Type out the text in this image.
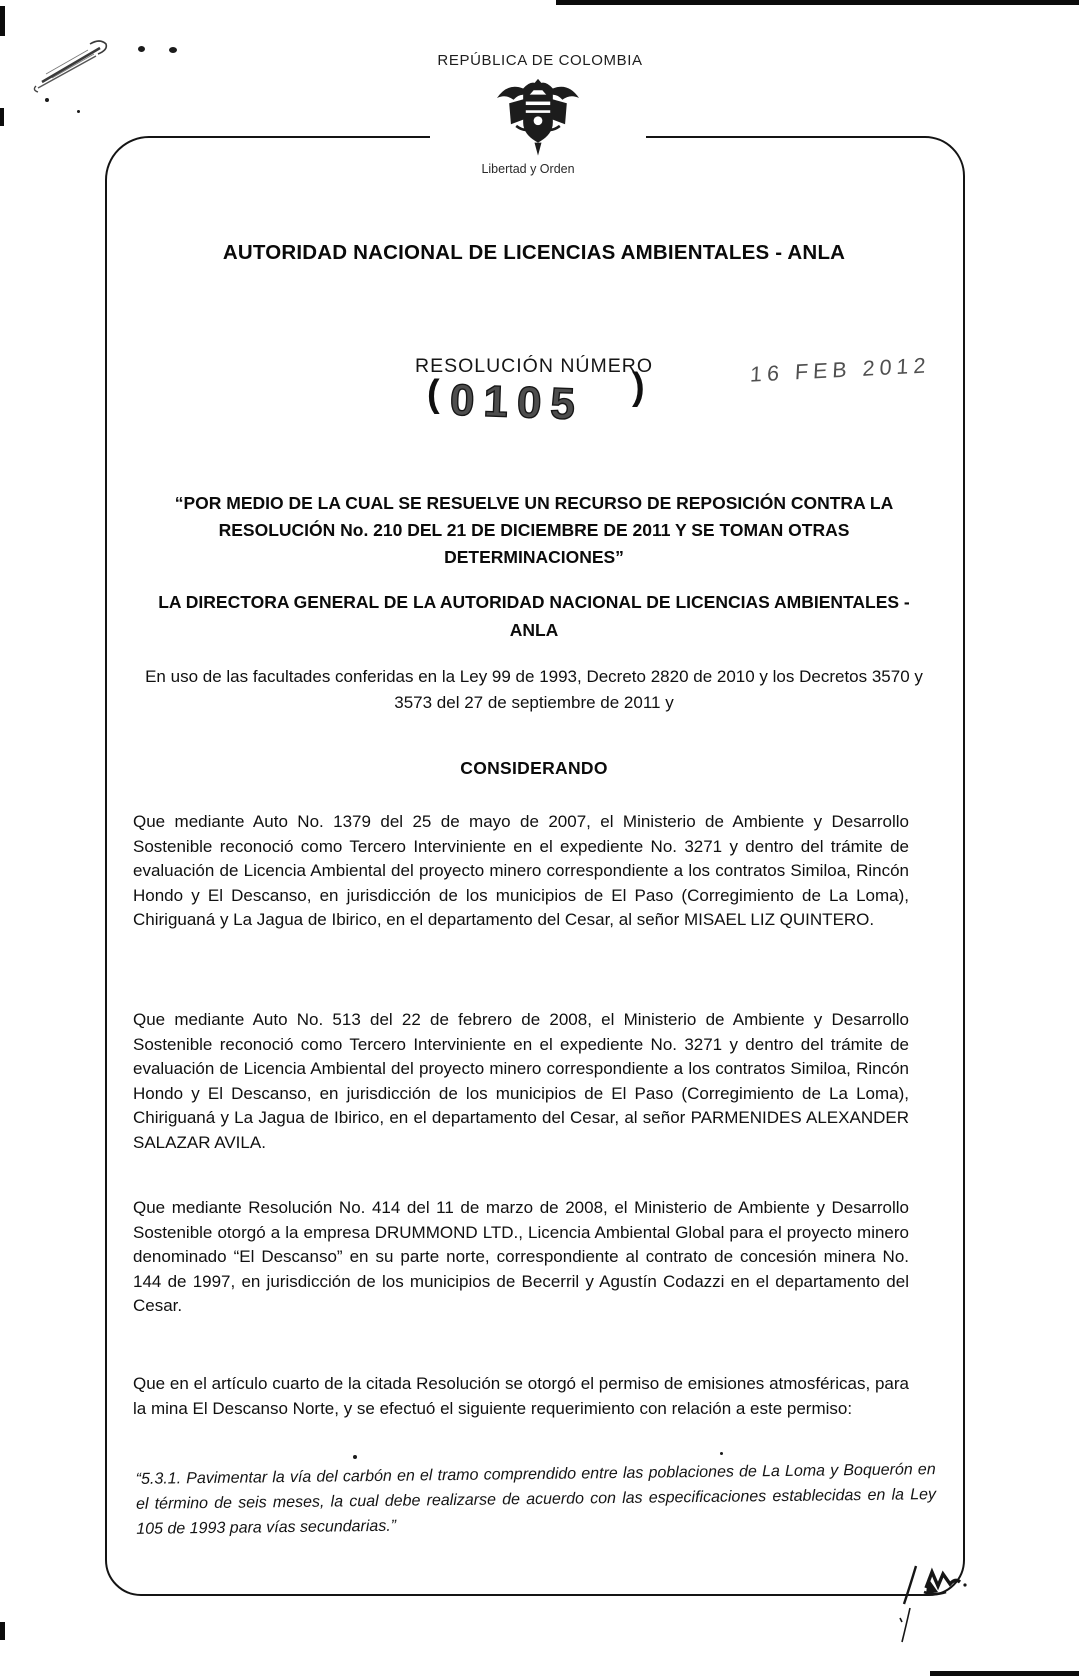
REPÚBLICA DE COLOMBIA
Libertad y Orden
AUTORIDAD NACIONAL DE LICENCIAS AMBIENTALES - ANLA
RESOLUCIÓN NÚMERO
( 0105 )	16 FEB 2012
“POR MEDIO DE LA CUAL SE RESUELVE UN RECURSO DE REPOSICIÓN CONTRA LA RESOLUCIÓN No. 210 DEL 21 DE DICIEMBRE DE 2011 Y SE TOMAN OTRAS DETERMINACIONES”
LA DIRECTORA GENERAL DE LA AUTORIDAD NACIONAL DE LICENCIAS AMBIENTALES - ANLA
En uso de las facultades conferidas en la Ley 99 de 1993, Decreto 2820 de 2010 y los Decretos 3570 y 3573 del 27 de septiembre de 2011 y
CONSIDERANDO
Que mediante Auto No. 1379 del 25 de mayo de 2007, el Ministerio de Ambiente y Desarrollo Sostenible reconoció como Tercero Interviniente en el expediente No. 3271 y dentro del trámite de evaluación de Licencia Ambiental del proyecto minero correspondiente a los contratos Similoa, Rincón Hondo y El Descanso, en jurisdicción de los municipios de El Paso (Corregimiento de La Loma), Chiriguaná y La Jagua de Ibirico, en el departamento del Cesar, al señor MISAEL LIZ QUINTERO.
Que mediante Auto No. 513 del 22 de febrero de 2008, el Ministerio de Ambiente y Desarrollo Sostenible reconoció como Tercero Interviniente en el expediente No. 3271 y dentro del trámite de evaluación de Licencia Ambiental del proyecto minero correspondiente a los contratos Similoa, Rincón Hondo y El Descanso, en jurisdicción de los municipios de El Paso (Corregimiento de La Loma), Chiriguaná y La Jagua de Ibirico, en el departamento del Cesar, al señor PARMENIDES ALEXANDER SALAZAR AVILA.
Que mediante Resolución No. 414 del 11 de marzo de 2008, el Ministerio de Ambiente y Desarrollo Sostenible otorgó a la empresa DRUMMOND LTD., Licencia Ambiental Global para el proyecto minero denominado “El Descanso” en su parte norte, correspondiente al contrato de concesión minera No. 144 de 1997, en jurisdicción de los municipios de Becerril y Agustín Codazzi en el departamento del Cesar.
Que en el artículo cuarto de la citada Resolución se otorgó el permiso de emisiones atmosféricas, para la mina El Descanso Norte, y se efectuó el siguiente requerimiento con relación a este permiso:
“5.3.1. Pavimentar la vía del carbón en el tramo comprendido entre las poblaciones de La Loma y Boquerón en el término de seis meses, la cual debe realizarse de acuerdo con las especificaciones establecidas en la Ley 105 de 1993 para vías secundarias.”
